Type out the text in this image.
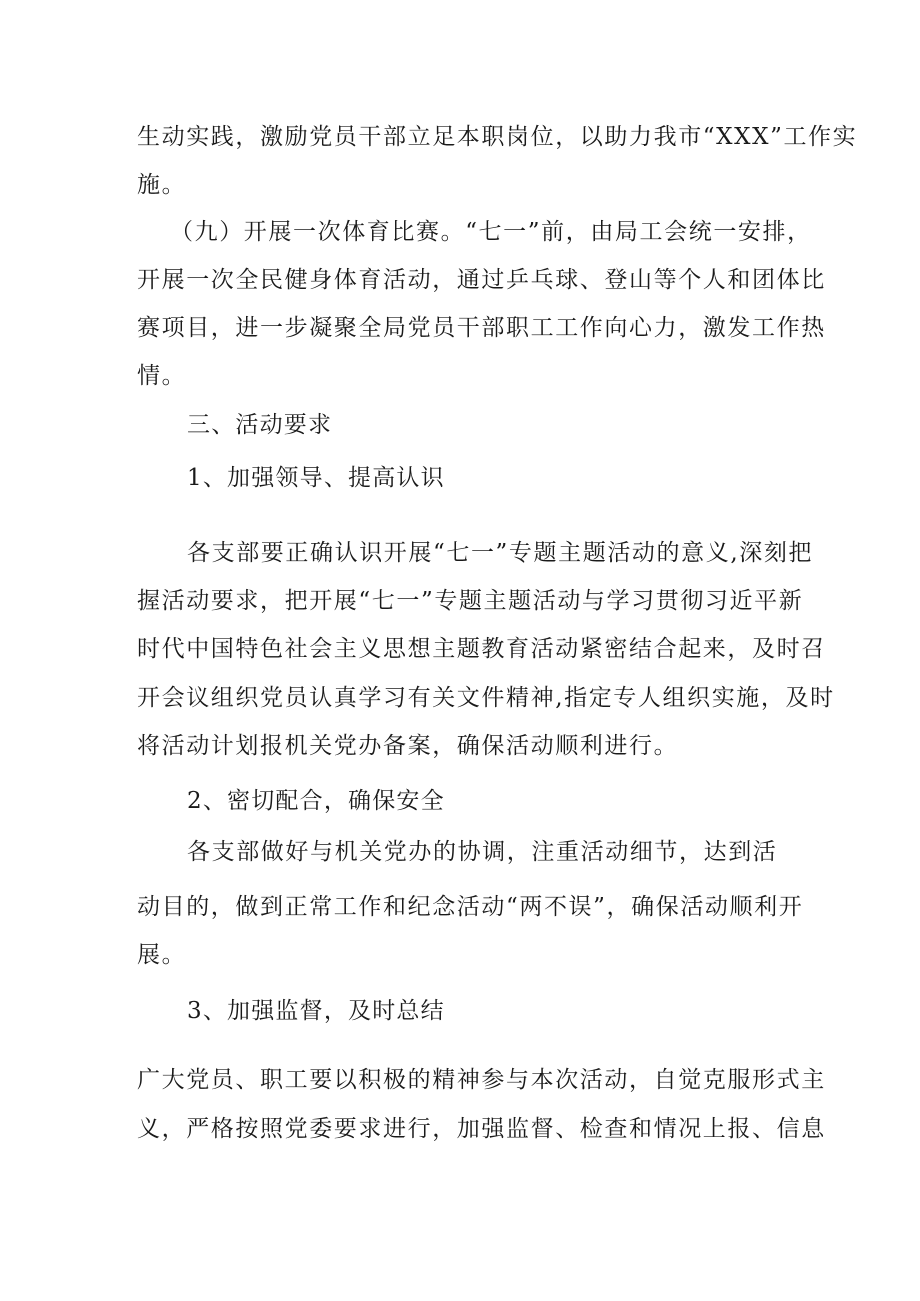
生动实践，激励党员干部立足本职岗位，以助力我市“XXX”工作实
施。
（九）开展一次体育比赛。“七一”前，由局工会统一安排，
开展一次全民健身体育活动，通过乒乓球、登山等个人和团体比
赛项目，进一步凝聚全局党员干部职工工作向心力，激发工作热
情。
三、活动要求
1、加强领导、提高认识
各支部要正确认识开展“七一”专题主题活动的意义,深刻把
握活动要求，把开展“七一”专题主题活动与学习贯彻习近平新
时代中国特色社会主义思想主题教育活动紧密结合起来，及时召
开会议组织党员认真学习有关文件精神,指定专人组织实施，及时
将活动计划报机关党办备案，确保活动顺利进行。
2、密切配合，确保安全
各支部做好与机关党办的协调，注重活动细节，达到活
动目的，做到正常工作和纪念活动“两不误”，确保活动顺利开
展。
3、加强监督，及时总结
广大党员、职工要以积极的精神参与本次活动，自觉克服形式主
义，严格按照党委要求进行，加强监督、检查和情况上报、信息
